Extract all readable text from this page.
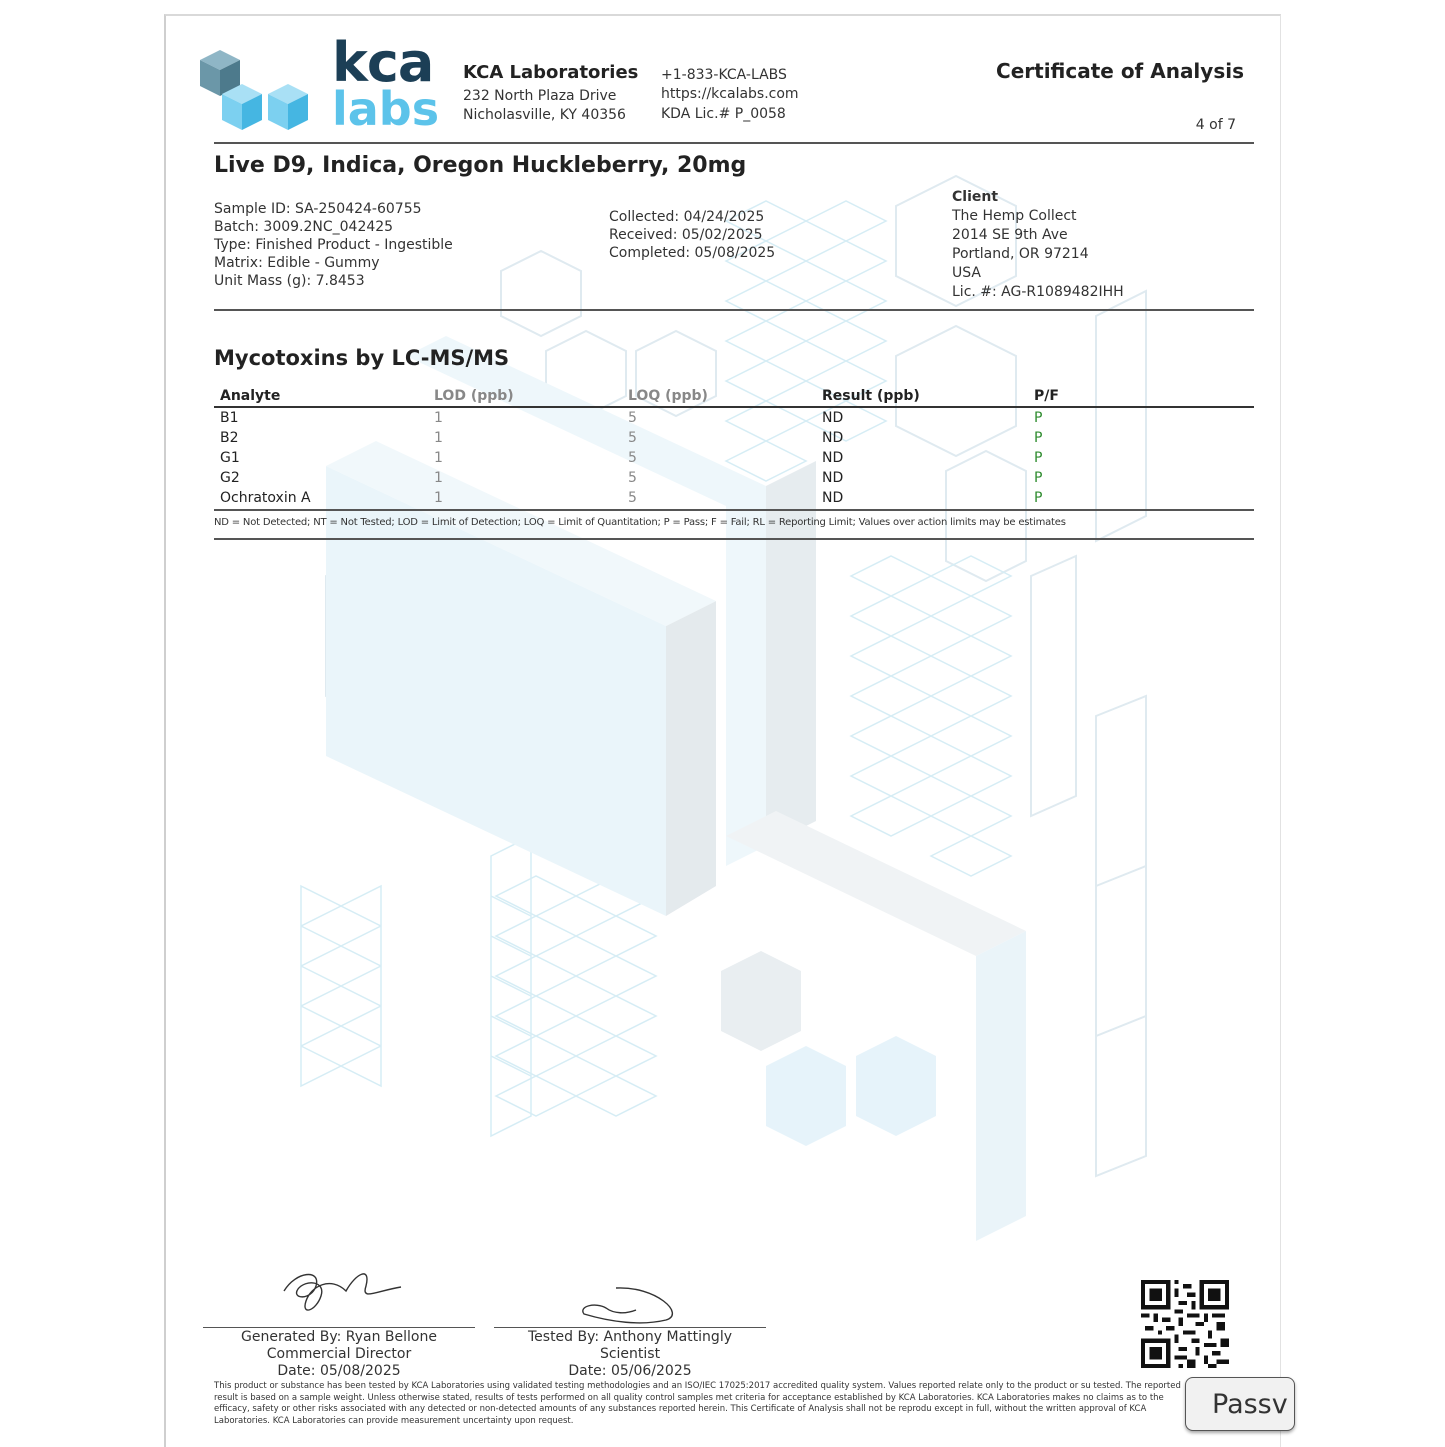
kca
labs
KCA Laboratories
232 North Plaza Drive
Nicholasville, KY 40356
+1-833-KCA-LABS
https://kcalabs.com
KDA Lic.# P_0058
Certificate of Analysis
4 of 7
Live D9, Indica, Oregon Huckleberry, 20mg
Sample ID: SA-250424-60755
Batch: 3009.2NC_042425
Type: Finished Product - Ingestible
Matrix: Edible - Gummy
Unit Mass (g): 7.8453
Collected: 04/24/2025
Received: 05/02/2025
Completed: 05/08/2025
Client
The Hemp Collect
2014 SE 9th Ave
Portland, OR 97214
USA
Lic. #: AG-R1089482IHH
Mycotoxins by LC-MS/MS
Analyte	LOD (ppb)	LOQ (ppb)	Result (ppb)	P/F
B1	1	5	ND	P
B2	1	5	ND	P
G1	1	5	ND	P
G2	1	5	ND	P
Ochratoxin A	1	5	ND	P
ND = Not Detected; NT = Not Tested; LOD = Limit of Detection; LOQ = Limit of Quantitation; P = Pass; F = Fail; RL = Reporting Limit; Values over action limits may be estimates
Generated By: Ryan Bellone
Commercial Director
Date: 05/08/2025
Tested By: Anthony Mattingly
Scientist
Date: 05/06/2025
This product or substance has been tested by KCA Laboratories using validated testing methodologies and an ISO/IEC 17025:2017 accredited quality system. Values reported relate only to the product or su tested. The reported result is based on a sample weight. Unless otherwise stated, results of tests performed on all quality control samples met criteria for acceptance established by KCA Laboratories. KCA Laboratories makes no claims as to the efficacy, safety or other risks associated with any detected or non-detected amounts of any substances reported herein. This Certificate of Analysis shall not be reprodu except in full, without the written approval of KCA Laboratories. KCA Laboratories can provide measurement uncertainty upon request.
Passv
